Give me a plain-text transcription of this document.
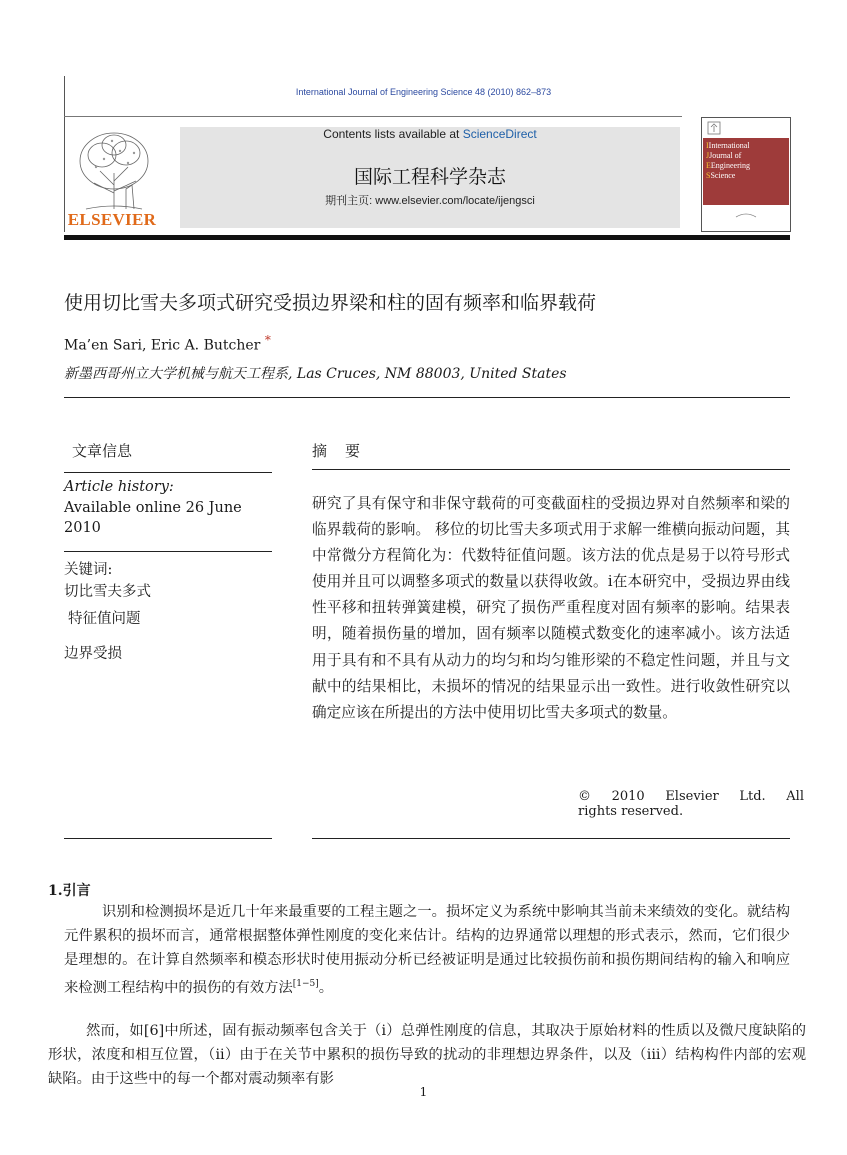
International Journal of Engineering Science 48 (2010) 862–873
ELSEVIER
Contents lists available at ScienceDirect
国际工程科学杂志
期刊主页: www.elsevier.com/locate/ijengsci
IInternational
JJournal of
EEngineering
SScience
使用切比雪夫多项式研究受损边界梁和柱的固有频率和临界载荷
Ma’en Sari, Eric A. Butcher *
新墨西哥州立大学机械与航天工程系, Las Cruces, NM 88003, United States
文章信息
Article history:
Available online 26 June 2010
关键词:
切比雪夫多式
特征值问题
边界受损
摘要
研究了具有保守和非保守载荷的可变截面柱的受损边界对自然频率和梁的临界载荷的影响。 移位的切比雪夫多项式用于求解一维横向振动问题，其中常微分方程简化为：代数特征值问题。该方法的优点是易于以符号形式使用并且可以调整多项式的数量以获得收敛。i在本研究中，受损边界由线性平移和扭转弹簧建模，研究了损伤严重程度对固有频率的影响。结果表明，随着损伤量的增加，固有频率以随模式数变化的速率减小。该方法适用于具有和不具有从动力的均匀和均匀锥形梁的不稳定性问题，并且与文献中的结果相比，未损坏的情况的结果显示出一致性。进行收敛性研究以确定应该在所提出的方法中使用切比雪夫多项式的数量。
© 2010 Elsevier Ltd. All
rights reserved.
1.引言
识别和检测损坏是近几十年来最重要的工程主题之一。损坏定义为系统中影响其当前未来绩效的变化。就结构元件累积的损坏而言，通常根据整体弹性刚度的变化来估计。结构的边界通常以理想的形式表示，然而，它们很少是理想的。在计算自然频率和模态形状时使用振动分析已经被证明是通过比较损伤前和损伤期间结构的输入和响应来检测工程结构中的损伤的有效方法[1−5]。
然而，如[6]中所述，固有振动频率包含关于（i）总弹性刚度的信息，其取决于原始材料的性质以及微尺度缺陷的形状，浓度和相互位置，（ii）由于在关节中累积的损伤导致的扰动的非理想边界条件，以及（iii）结构构件内部的宏观缺陷。由于这些中的每一个都对震动频率有影
1
